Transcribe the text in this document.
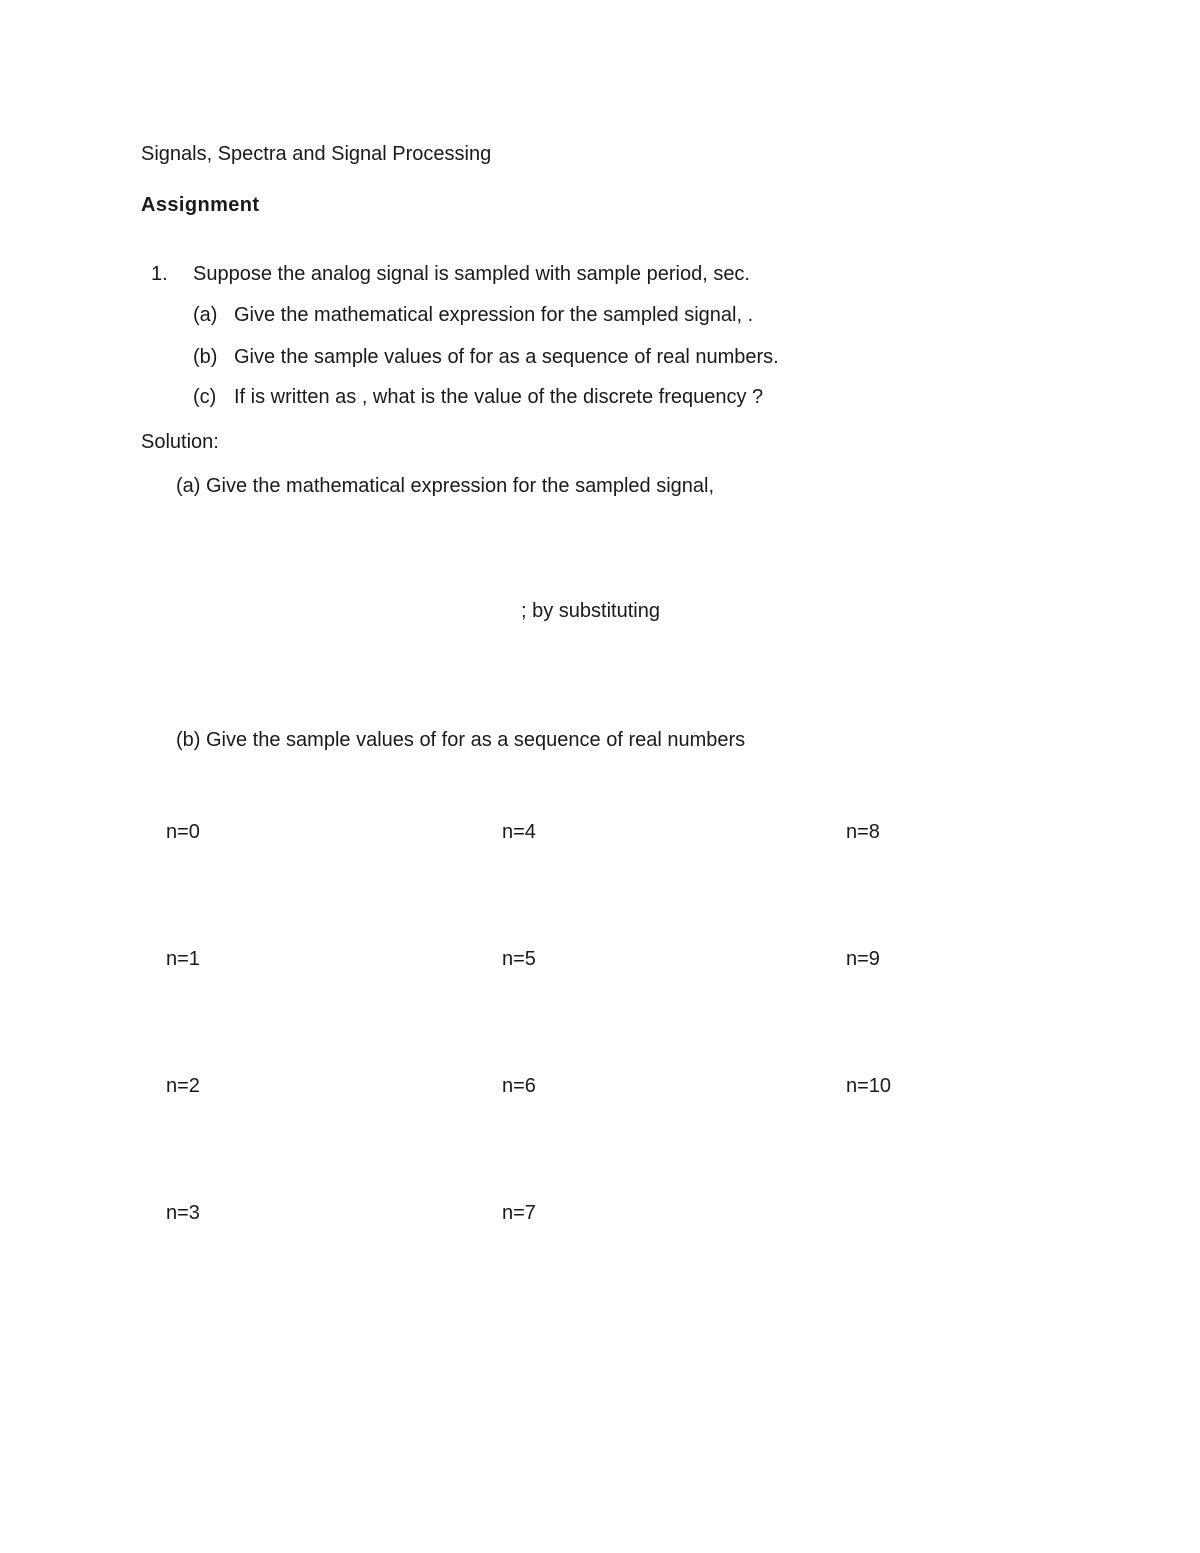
Signals, Spectra and Signal Processing
Assignment
1. Suppose the analog signal is sampled with sample period, sec.
(a) Give the mathematical expression for the sampled signal, .
(b) Give the sample values of for as a sequence of real numbers.
(c) If is written as , what is the value of the discrete frequency ?
Solution:
(a) Give the mathematical expression for the sampled signal,
; by substituting
(b) Give the sample values of for as a sequence of real numbers
n=0
n=1
n=2
n=3
n=4
n=5
n=6
n=7
n=8
n=9
n=10
